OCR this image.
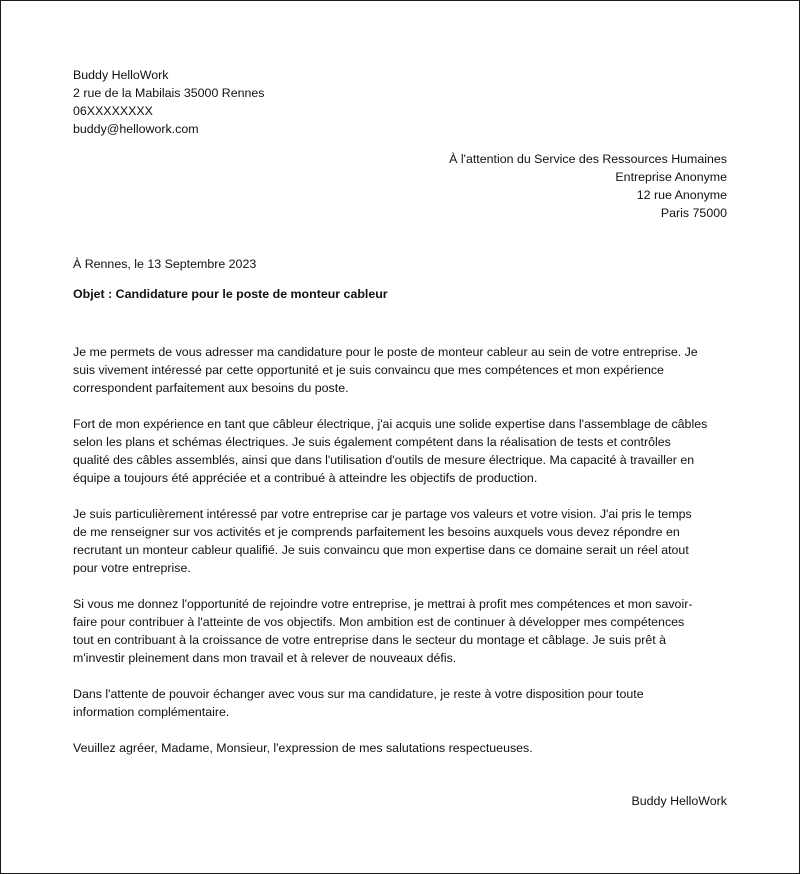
Buddy HelloWork
2 rue de la Mabilais 35000 Rennes
06XXXXXXXX
buddy@hellowork.com
À l'attention du Service des Ressources Humaines
Entreprise Anonyme
12 rue Anonyme
Paris 75000
À Rennes, le 13 Septembre 2023
Objet : Candidature pour le poste de monteur cableur
Je me permets de vous adresser ma candidature pour le poste de monteur cableur au sein de votre entreprise. Je
suis vivement intéressé par cette opportunité et je suis convaincu que mes compétences et mon expérience
correspondent parfaitement aux besoins du poste.
Fort de mon expérience en tant que câbleur électrique, j'ai acquis une solide expertise dans l'assemblage de câbles
selon les plans et schémas électriques. Je suis également compétent dans la réalisation de tests et contrôles
qualité des câbles assemblés, ainsi que dans l'utilisation d'outils de mesure électrique. Ma capacité à travailler en
équipe a toujours été appréciée et a contribué à atteindre les objectifs de production.
Je suis particulièrement intéressé par votre entreprise car je partage vos valeurs et votre vision. J'ai pris le temps
de me renseigner sur vos activités et je comprends parfaitement les besoins auxquels vous devez répondre en
recrutant un monteur cableur qualifié. Je suis convaincu que mon expertise dans ce domaine serait un réel atout
pour votre entreprise.
Si vous me donnez l'opportunité de rejoindre votre entreprise, je mettrai à profit mes compétences et mon savoir-
faire pour contribuer à l'atteinte de vos objectifs. Mon ambition est de continuer à développer mes compétences
tout en contribuant à la croissance de votre entreprise dans le secteur du montage et câblage. Je suis prêt à
m'investir pleinement dans mon travail et à relever de nouveaux défis.
Dans l'attente de pouvoir échanger avec vous sur ma candidature, je reste à votre disposition pour toute
information complémentaire.
Veuillez agréer, Madame, Monsieur, l'expression de mes salutations respectueuses.
Buddy HelloWork
